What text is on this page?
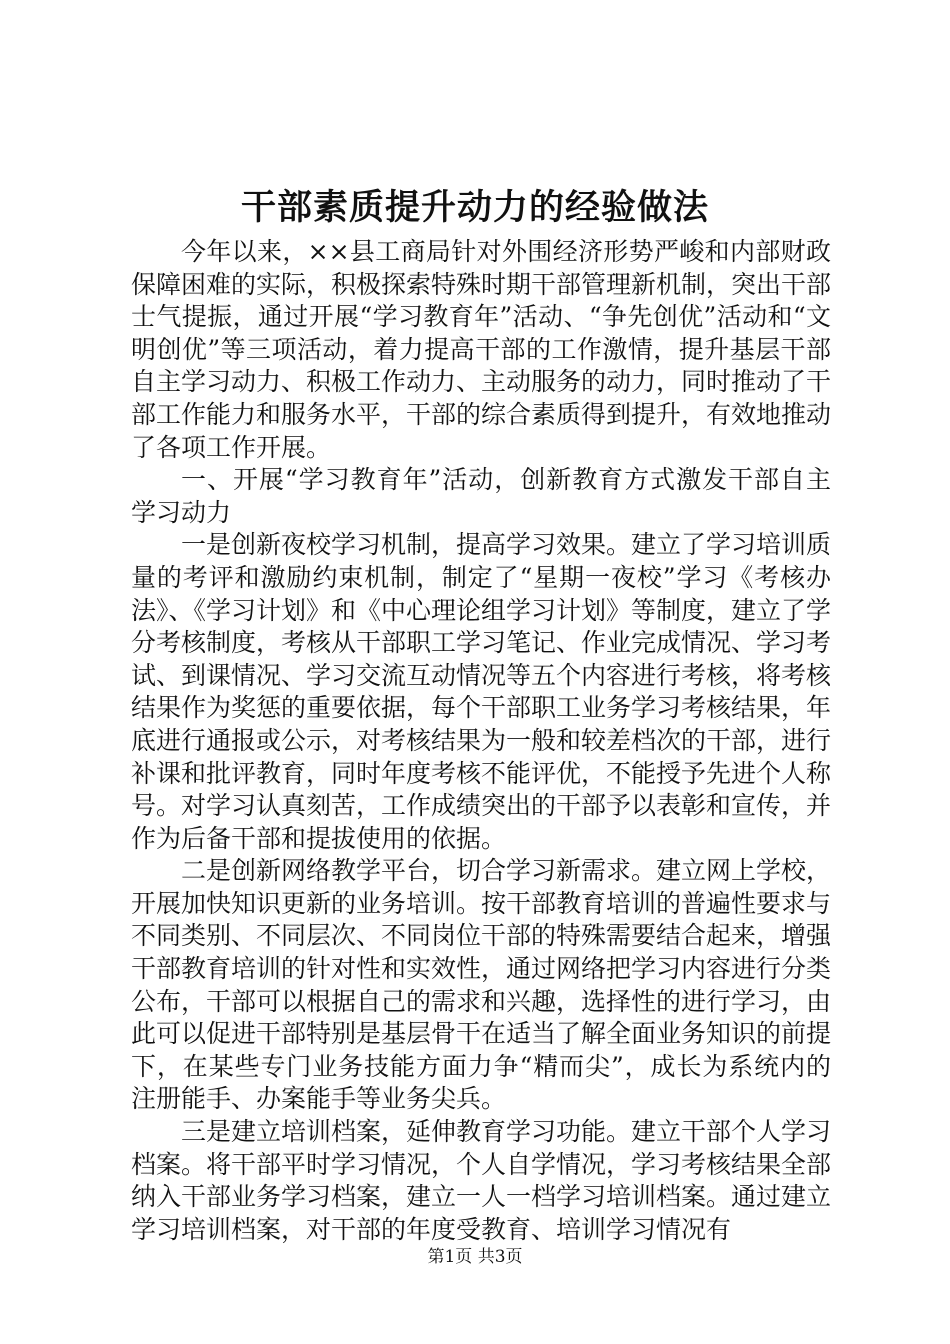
干部素质提升动力的经验做法

今年以来，××县工商局针对外围经济形势严峻和内部财政保障困难的实际，积极探索特殊时期干部管理新机制，突出干部士气提振，通过开展“学习教育年”活动、“争先创优”活动和“文明创优”等三项活动，着力提高干部的工作激情，提升基层干部自主学习动力、积极工作动力、主动服务的动力，同时推动了干部工作能力和服务水平，干部的综合素质得到提升，有效地推动了各项工作开展。

一、开展“学习教育年”活动，创新教育方式激发干部自主学习动力

一是创新夜校学习机制，提高学习效果。建立了学习培训质量的考评和激励约束机制，制定了“星期一夜校”学习《考核办法》、《学习计划》和《中心理论组学习计划》等制度，建立了学分考核制度，考核从干部职工学习笔记、作业完成情况、学习考试、到课情况、学习交流互动情况等五个内容进行考核，将考核结果作为奖惩的重要依据，每个干部职工业务学习考核结果，年底进行通报或公示，对考核结果为一般和较差档次的干部，进行补课和批评教育，同时年度考核不能评优，不能授予先进个人称号。对学习认真刻苦，工作成绩突出的干部予以表彰和宣传，并作为后备干部和提拔使用的依据。

二是创新网络教学平台，切合学习新需求。建立网上学校，开展加快知识更新的业务培训。按干部教育培训的普遍性要求与不同类别、不同层次、不同岗位干部的特殊需要结合起来，增强干部教育培训的针对性和实效性，通过网络把学习内容进行分类公布，干部可以根据自己的需求和兴趣，选择性的进行学习，由此可以促进干部特别是基层骨干在适当了解全面业务知识的前提下，在某些专门业务技能方面力争“精而尖”，成长为系统内的注册能手、办案能手等业务尖兵。

三是建立培训档案，延伸教育学习功能。建立干部个人学习档案。将干部平时学习情况，个人自学情况，学习考核结果全部纳入干部业务学习档案，建立一人一档学习培训档案。通过建立学习培训档案，对干部的年度受教育、培训学习情况有

第1页 共3页
